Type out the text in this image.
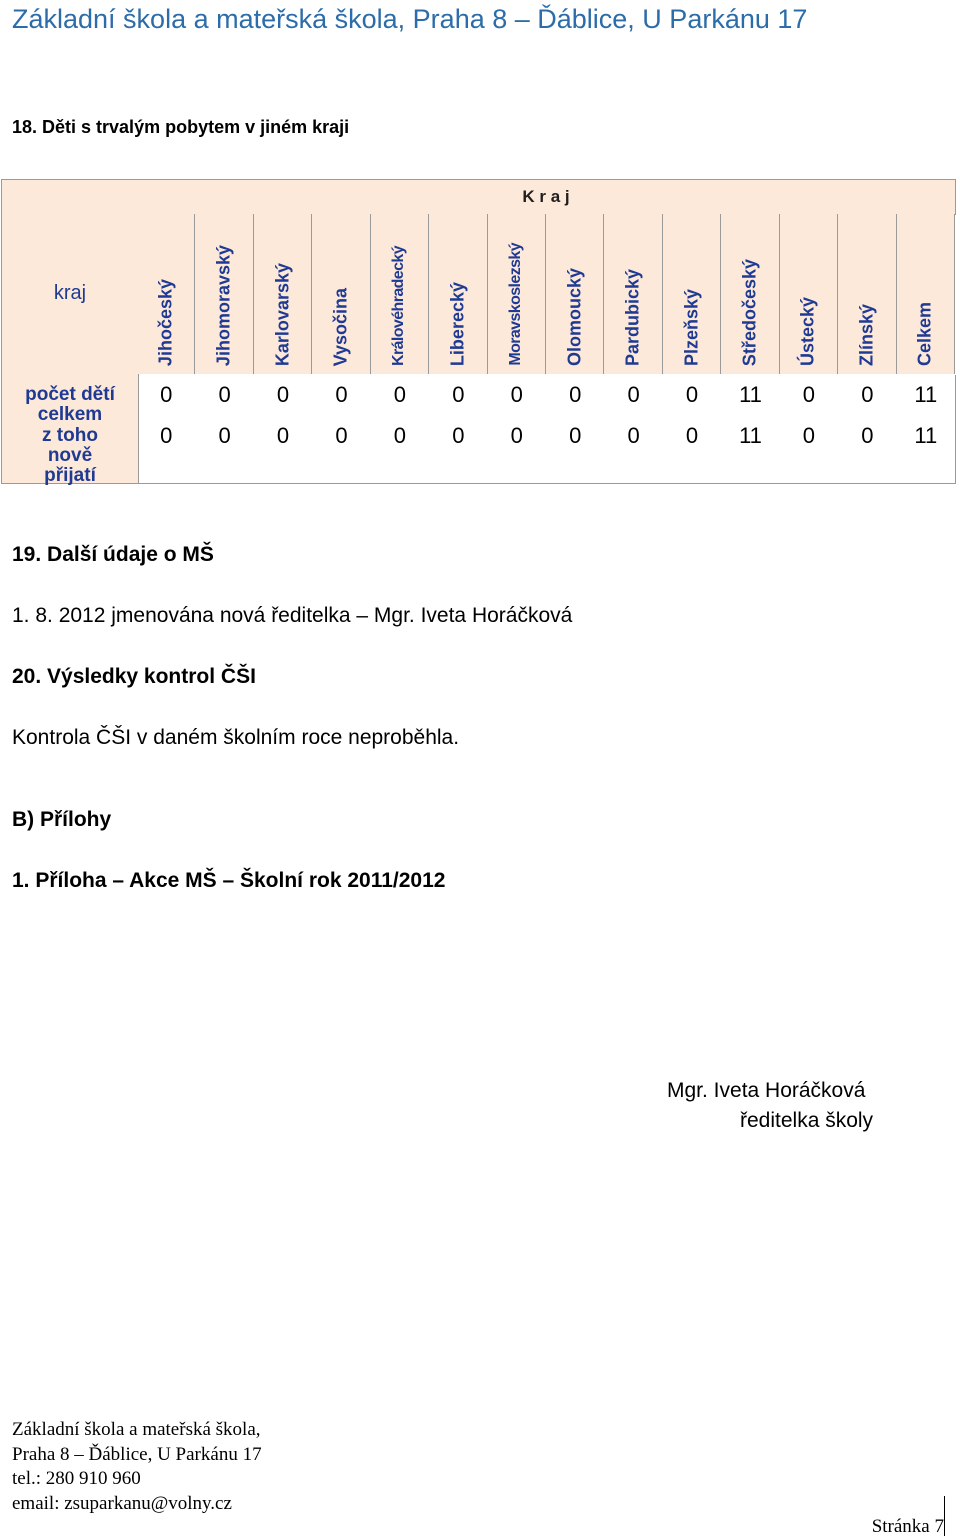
Základní škola a mateřská škola, Praha 8 – Ďáblice, U Parkánu 17
18. Děti s trvalým pobytem v jiném kraji
kraj
počet dětí
celkem
z toho
nově
přijatí
K r a j
Jihočeský Jihomoravský Karlovarský Vysočina Královéhradecký Liberecký Moravskoslezský Olomoucký Pardubický Plzeňský Středočeský Ústecký Zlínský Celkem
0	0	0	0	0	0	0	0	0	0	11	0	0	11
0	0	0	0	0	0	0	0	0	0	11	0	0	11
19. Další údaje o MŠ
1. 8. 2012 jmenována nová ředitelka – Mgr. Iveta Horáčková
20. Výsledky kontrol ČŠI
Kontrola ČŠI v daném školním roce neproběhla.
B) Přílohy
1. Příloha – Akce MŠ – Školní rok 2011/2012
Mgr. Iveta Horáčková
ředitelka školy
Základní škola a mateřská škola,
Praha 8 – Ďáblice, U Parkánu 17
tel.: 280 910 960
email: zsuparkanu@volny.cz
Stránka 7
